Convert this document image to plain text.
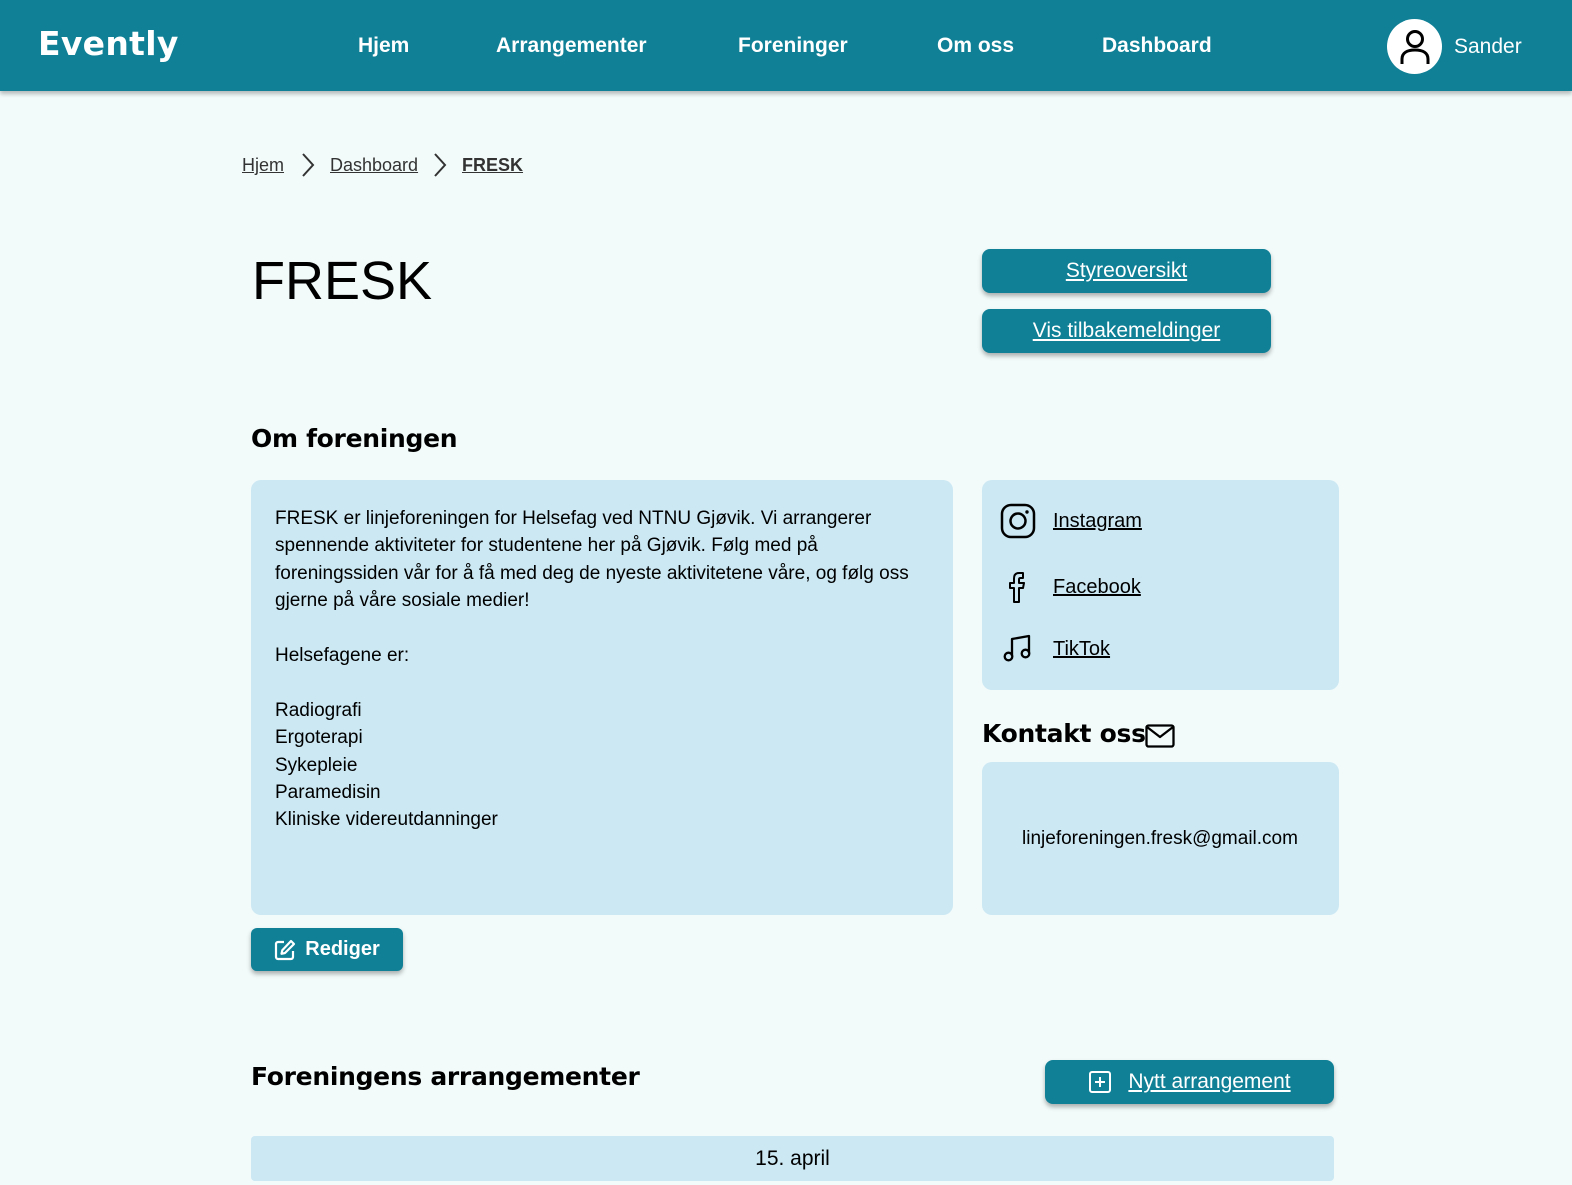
Evently	Hjem	Arrangementer	Foreninger	Om oss	Dashboard	Sander
Hjem	Dashboard FRESK
FRESK	Styreoversikt
Vis tilbakemeldinger
Om foreningen
FRESK er linjeforeningen for Helsefag ved NTNU Gjøvik. Vi arrangerer spennende aktiviteter for studentene her på Gjøvik. Følg med på foreningssiden vår for å få med deg de nyeste aktivitetene våre, og følg oss gjerne på våre sosiale medier!

Helsefagene er:

Radiografi
Ergoterapi
Sykepleie
Paramedisin
Kliniske videreutdanninger
Rediger
Instagram
Facebook
TikTok
Kontakt oss
linjeforeningen.fresk@gmail.com
Foreningens arrangementer	Nytt arrangement
15. april
